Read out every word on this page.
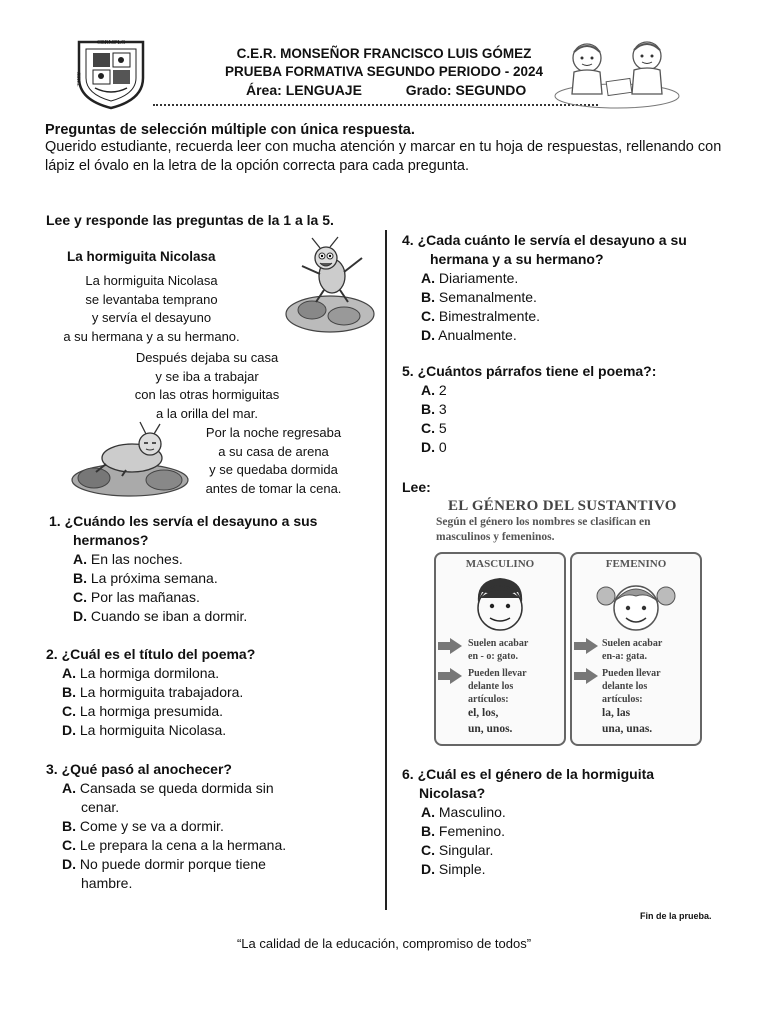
CERMFLG
JEREZ
C.E.R. MONSEÑOR FRANCISCO LUIS GÓMEZ
PRUEBA FORMATIVA SEGUNDO PERIODO - 2024
Área: LENGUAJE	Grado: SEGUNDO
Preguntas de selección múltiple con única respuesta.
Querido estudiante, recuerda leer con mucha atención y marcar en tu hoja de respuestas, rellenando con lápiz el óvalo en la letra de la opción correcta para cada pregunta.
Lee y responde las preguntas de la 1 a la 5.
La hormiguita Nicolasa
La hormiguita Nicolasa
se levantaba temprano
y servía el desayuno
a su hermana y a su hermano.
Después dejaba su casa
y se iba a trabajar
con las otras hormiguitas
a la orilla del mar.
Por la noche regresaba
a su casa de arena
y se quedaba dormida
antes de tomar la cena.
1. ¿Cuándo les servía el desayuno a sus
hermanos?
A. En las noches.
B. La próxima semana.
C. Por las mañanas.
D. Cuando se iban a dormir.
2. ¿Cuál es el título del poema?
A. La hormiga dormilona.
B. La hormiguita trabajadora.
C. La hormiga presumida.
D. La hormiguita Nicolasa.
3. ¿Qué pasó al anochecer?
A. Cansada se queda dormida sin
cenar.
B. Come y se va a dormir.
C. Le prepara la cena a la hermana.
D. No puede dormir porque tiene
hambre.
4. ¿Cada cuánto le servía el desayuno a su
hermana y a su hermano?
A. Diariamente.
B. Semanalmente.
C. Bimestralmente.
D. Anualmente.
5. ¿Cuántos párrafos tiene el poema?:
A. 2
B. 3
C. 5
D. 0
Lee:
EL GÉNERO DEL SUSTANTIVO
Según el género los nombres se clasifican en
masculinos y femeninos.
MASCULINO
Suelen acabar
en - o: gato.
Pueden llevar
delante los
artículos:
el, los,
un, unos.
FEMENINO
Suelen acabar
en-a: gata.
Pueden llevar
delante los
artículos:
la, las
una, unas.
6. ¿Cuál es el género de la hormiguita
Nicolasa?
A. Masculino.
B. Femenino.
C. Singular.
D. Simple.
Fin de la prueba.
“La calidad de la educación, compromiso de todos”
